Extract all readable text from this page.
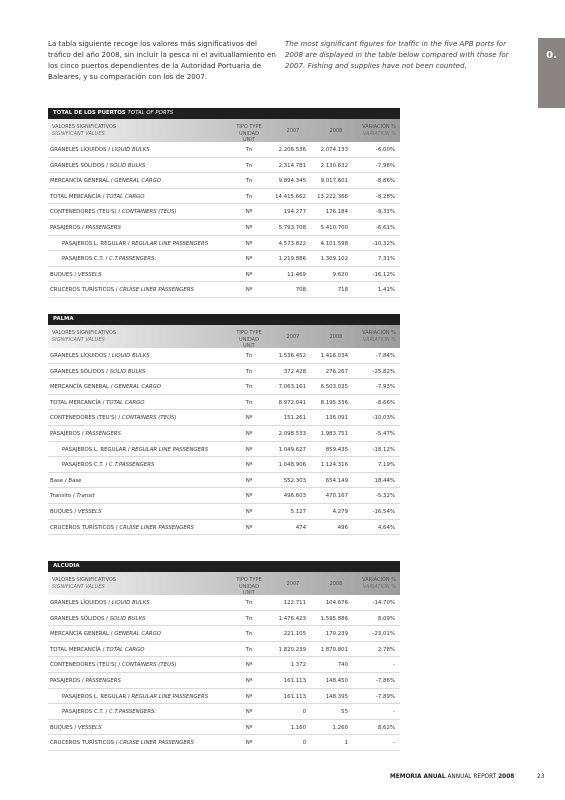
La tabla siguiente recoge los valores más significativos del tráfico del año 2008, sin incluir la pesca ni el avituallamiento en los cinco puertos dependientes de la Autoridad Portuaria de Baleares, y su comparación con los de 2007.
The most significant figures for traffic in the five APB ports for 2008 are displayed in the table below compared with those for 2007. Fishing and supplies have not been counted.
0.
TOTAL DE LOS PUERTOS TOTAL OF PORTS
VALORES SIGNIFICATIVOS
SIGNIFICANT VALUES
TIPO TYPE
UNIDAD UNIT
2007	2008
VARIACIÓN %
VARIATION %
GRANELES LÍQUIDOS / LIQUID BULKS	Tn	2.206.536	2.074.133	-6,00%
GRANELES SÓLIDOS / SOLID BULKS	Tn	2.314.781	2.130.632	-7,96%
MERCANCÍA GENERAL / GENERAL CARGO	Tn	9.894.345	9.017.601	-8,86%
TOTAL MERCANCÍA / TOTAL CARGO	Tn	14.415.662	13.222.366	-8,28%
CONTENEDORES (TEU'S) / CONTAINERS (TEUS)	Nº	194.277	176.184	-9,31%
PASAJEROS / PASSENGERS	Nº	5.793.708	5.410.700	-6,61%
PASAJEROS L. REGULAR / REGULAR LINE PASSENGERS	Nº	4.573.822	4.101.598	-10,32%
PASAJEROS C.T. / C.T.PASSENGERS.	Nº	1.219.886	1.309.102	7,31%
BUQUES / VESSELS	Nº	11.469	9.620	-16,12%
CRUCEROS TURÍSTICOS / CRUISE LINER PASSENGERS	Nº	708	718	1,41%
PALMA
VALORES SIGNIFICATIVOS
SIGNIFICANT VALUES
TIPO TYPE
UNIDAD UNIT
2007	2008
VARIACIÓN %
VARIATION %
GRANELES LÍQUIDOS / LIQUID BULKS	Tn	1.536.452	1.416.034	-7,84%
GRANELES SÓLIDOS / SOLID BULKS	Tn	372.428	276.267	-25,82%
MERCANCÍA GENERAL / GENERAL CARGO	Tn	7.063.161	6.503.035	-7,93%
TOTAL MERCANCÍA / TOTAL CARGO	Tn	8.972.041	8.195.336	-8,66%
CONTENEDORES (TEU'S) / CONTAINERS (TEUS)	Nº	151.261	136.091	-10,03%
PASAJEROS / PASSENGERS	Nº	2.098.533	1.983.751	-5,47%
PASAJEROS L. REGULAR / REGULAR LINE PASSENGERS	Nº	1.049.627	859.435	-18,12%
PASAJEROS C.T. / C.T.PASSENGERS	Nº	1.048.906	1.124.316	7,19%
Base / Base	Nº	552.303	654.149	18,44%
Transito / Transit	Nº	496.603	470.167	-5,32%
BUQUES / VESSELS	Nº	5.127	4.279	-16,54%
CRUCEROS TURÍSTICOS / CRUISE LINER PASSENGERS	Nº	474	496	4,64%
ALCUDIA
VALORES SIGNIFICATIVOS
SIGNIFICANT VALUES
TIPO TYPE
UNIDAD UNIT
2007	2008
VARIACIÓN %
VARIATION %
GRANELES LÍQUIDOS / LIQUID BULKS	Tn	122.711	104.676	-14,70%
GRANELES SÓLIDOS / SOLID BULKS	Tn	1.476.423	1.595.886	8,09%
MERCANCÍA GENERAL / GENERAL CARGO	Tn	221.105	170.239	-23,01%
TOTAL MERCANCÍA / TOTAL CARGO	Tn	1.820.239	1.870.801	2,78%
CONTENEDORES (TEU'S) / CONTAINERS (TEUS)	Nº	1.372	740	-
PASAJEROS / PASSENGERS	Nº	161.113	148.450	-7,86%
PASAJEROS L. REGULAR / REGULAR LINE PASSENGERS	Nº	161.113	148.395	-7,89%
PASAJEROS C.T. / C.T.PASSENGERS.	Nº	0	55	-
BUQUES / VESSELS	Nº	1.160	1.260	8,62%
CRUCEROS TURÍSTICOS / CRUISE LINER PASSENGERS	Nº	0	1	-
MEMORIA ANUAL ANNUAL REPORT 2008	23
